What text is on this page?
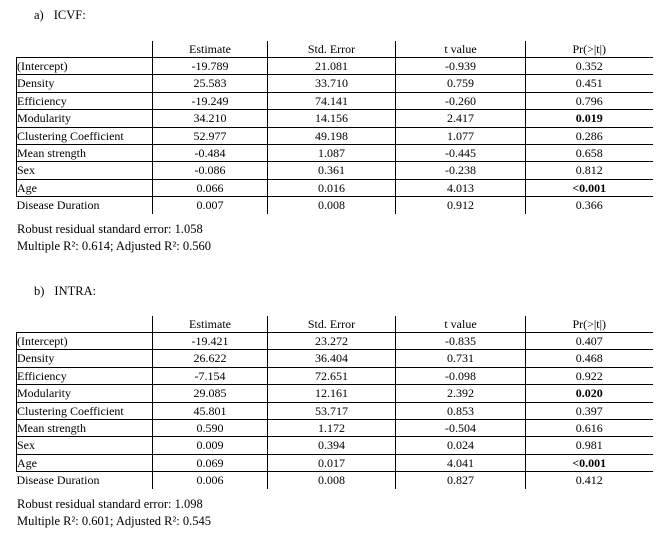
a) ICVF:
	Estimate	Std. Error	t value	Pr(>|t|)
(Intercept)	-19.789	21.081	-0.939	0.352
Density	25.583	33.710	0.759	0.451
Efficiency	-19.249	74.141	-0.260	0.796
Modularity	34.210	14.156	2.417	0.019
Clustering Coefficient	52.977	49.198	1.077	0.286
Mean strength	-0.484	1.087	-0.445	0.658
Sex	-0.086	0.361	-0.238	0.812
Age	0.066	0.016	4.013	<0.001
Disease Duration	0.007	0.008	0.912	0.366
Robust residual standard error: 1.058
Multiple R²: 0.614; Adjusted R²: 0.560
b) INTRA:
	Estimate	Std. Error	t value	Pr(>|t|)
(Intercept)	-19.421	23.272	-0.835	0.407
Density	26.622	36.404	0.731	0.468
Efficiency	-7.154	72.651	-0.098	0.922
Modularity	29.085	12.161	2.392	0.020
Clustering Coefficient	45.801	53.717	0.853	0.397
Mean strength	0.590	1.172	-0.504	0.616
Sex	0.009	0.394	0.024	0.981
Age	0.069	0.017	4.041	<0.001
Disease Duration	0.006	0.008	0.827	0.412
Robust residual standard error: 1.098
Multiple R²: 0.601; Adjusted R²: 0.545
